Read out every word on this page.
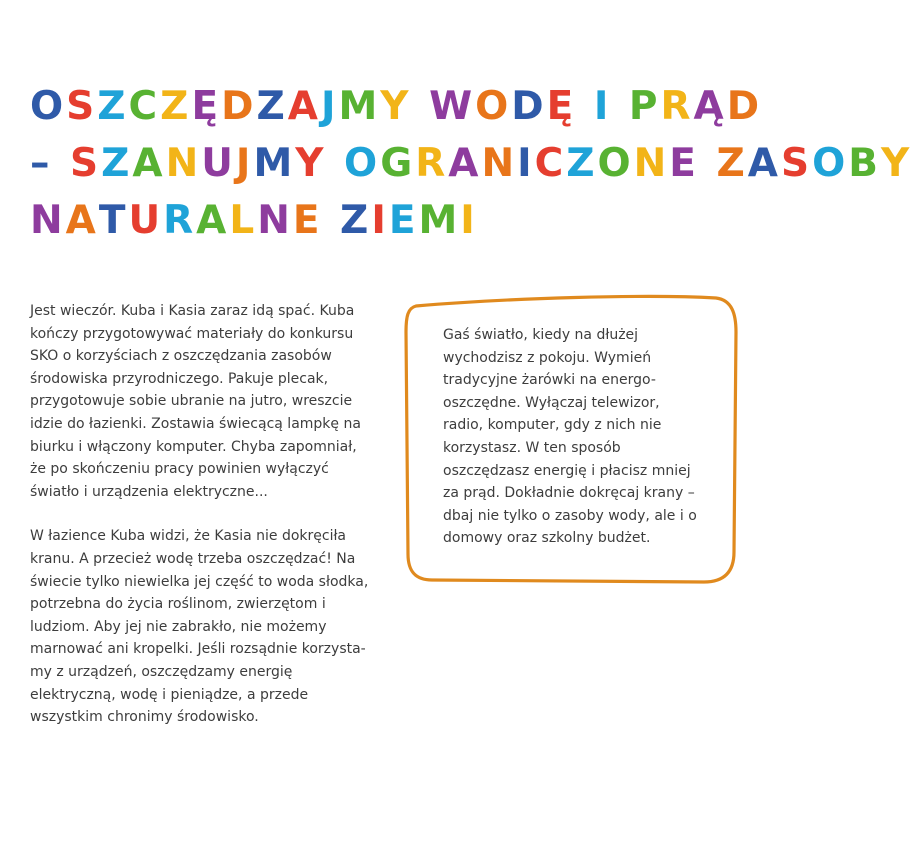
OSZCZĘDZAJMY WODĘ I PRĄD
– SZANUJMY OGRANICZONE ZASOBY
NATURALNE ZIEMI

Jest wieczór. Kuba i Kasia zaraz idą spać. Kuba kończy przygotowywać materiały do konkursu SKO o korzyściach z oszczędzania zasobów środowiska przyrodniczego. Pakuje plecak, przygotowuje sobie ubranie na jutro, wreszcie idzie do łazienki. Zostawia świecącą lampkę na biurku i włączony komputer. Chyba zapomniał, że po skończeniu pracy powinien wyłączyć światło i urządzenia elektryczne...

W łazience Kuba widzi, że Kasia nie dokręciła kranu. A przecież wodę trzeba oszczędzać! Na świecie tylko niewielka jej część to woda słodka, potrzebna do życia roślinom, zwierzętom i ludziom. Aby jej nie zabrakło, nie możemy marnować ani kropelki. Jeśli rozsądnie korzysta- my z urządzeń, oszczędzamy energię elektryczną, wodę i pieniądze, a przede wszystkim chronimy środowisko.

Gaś światło, kiedy na dłużej wychodzisz z pokoju. Wymień tradycyjne żarówki na energo- oszczędne. Wyłączaj telewizor, radio, komputer, gdy z nich nie korzystasz. W ten sposób oszczędzasz energię i płacisz mniej za prąd. Dokładnie dokręcaj krany – dbaj nie tylko o zasoby wody, ale i o domowy oraz szkolny budżet.
